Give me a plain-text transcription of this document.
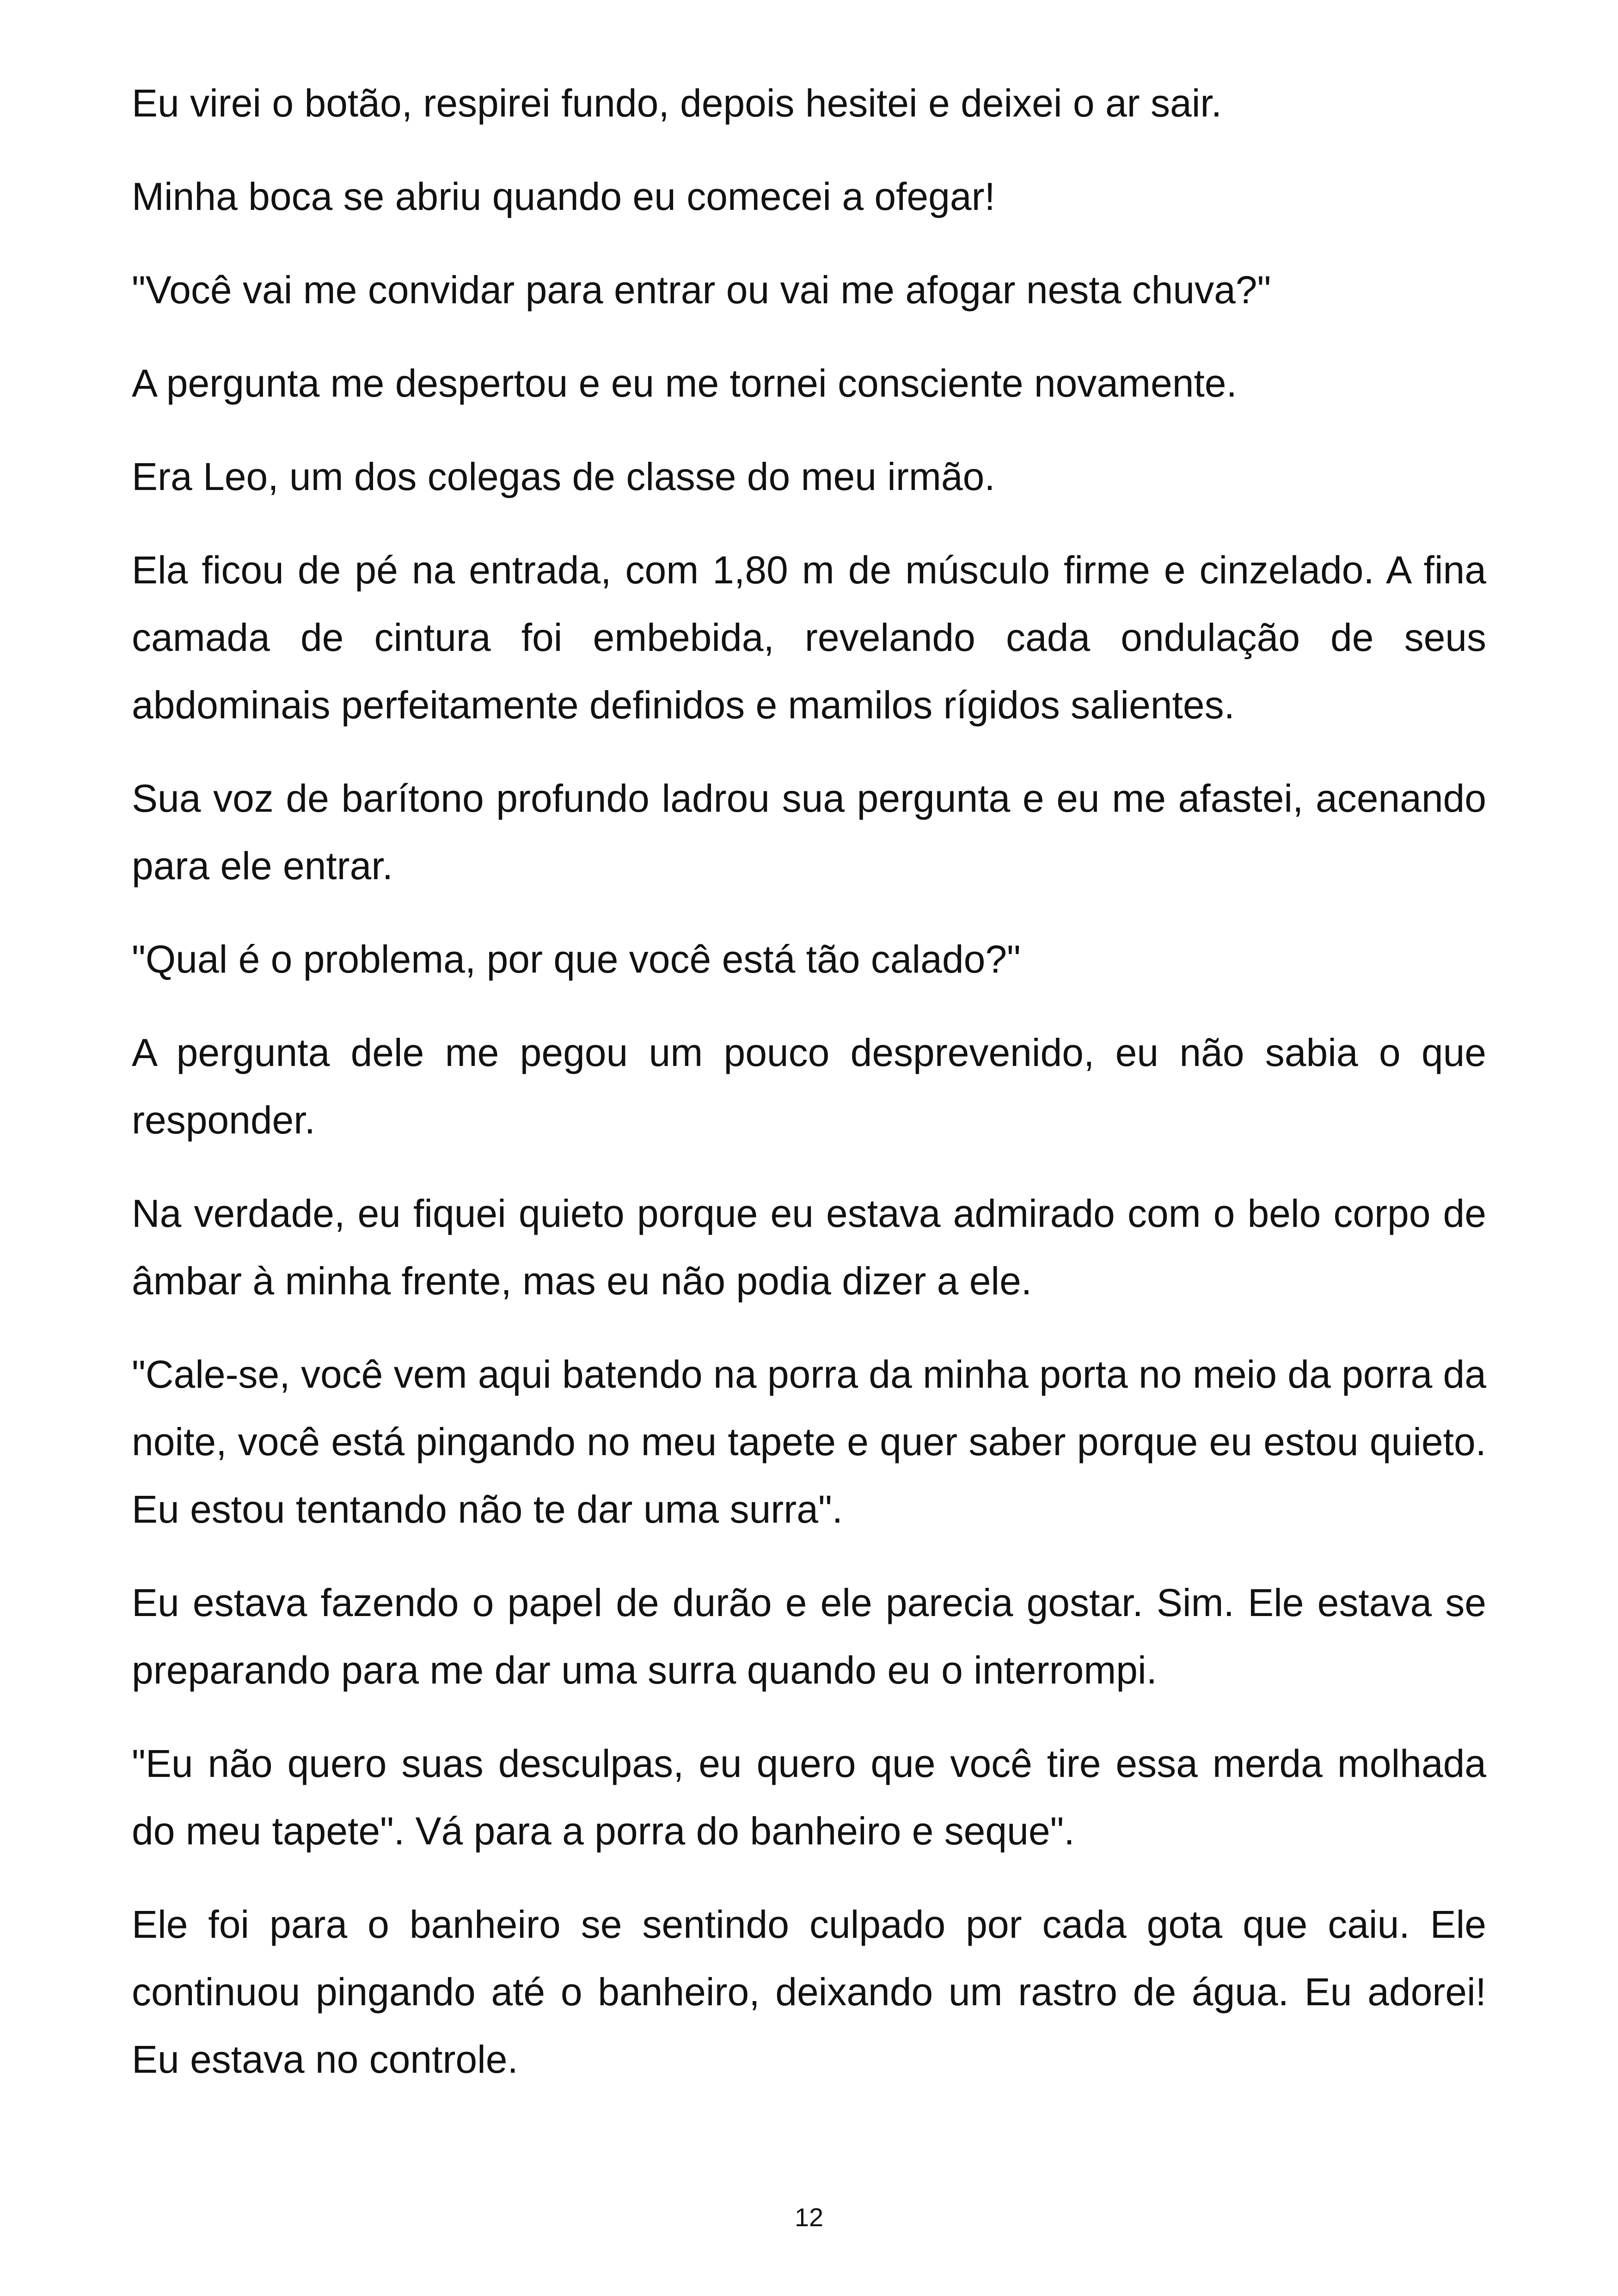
Eu virei o botão, respirei fundo, depois hesitei e deixei o ar sair.

Minha boca se abriu quando eu comecei a ofegar!

"Você vai me convidar para entrar ou vai me afogar nesta chuva?"

A pergunta me despertou e eu me tornei consciente novamente.

Era Leo, um dos colegas de classe do meu irmão.

Ela ficou de pé na entrada, com 1,80 m de músculo firme e cinzelado. A fina camada de cintura foi embebida, revelando cada ondulação de seus abdominais perfeitamente definidos e mamilos rígidos salientes.

Sua voz de barítono profundo ladrou sua pergunta e eu me afastei, acenando para ele entrar.

"Qual é o problema, por que você está tão calado?"

A pergunta dele me pegou um pouco desprevenido, eu não sabia o que responder.

Na verdade, eu fiquei quieto porque eu estava admirado com o belo corpo de âmbar à minha frente, mas eu não podia dizer a ele.

"Cale-se, você vem aqui batendo na porra da minha porta no meio da porra da noite, você está pingando no meu tapete e quer saber porque eu estou quieto. Eu estou tentando não te dar uma surra".

Eu estava fazendo o papel de durão e ele parecia gostar. Sim. Ele estava se preparando para me dar uma surra quando eu o interrompi.

"Eu não quero suas desculpas, eu quero que você tire essa merda molhada do meu tapete". Vá para a porra do banheiro e seque".

Ele foi para o banheiro se sentindo culpado por cada gota que caiu. Ele continuou pingando até o banheiro, deixando um rastro de água. Eu adorei! Eu estava no controle.

12
